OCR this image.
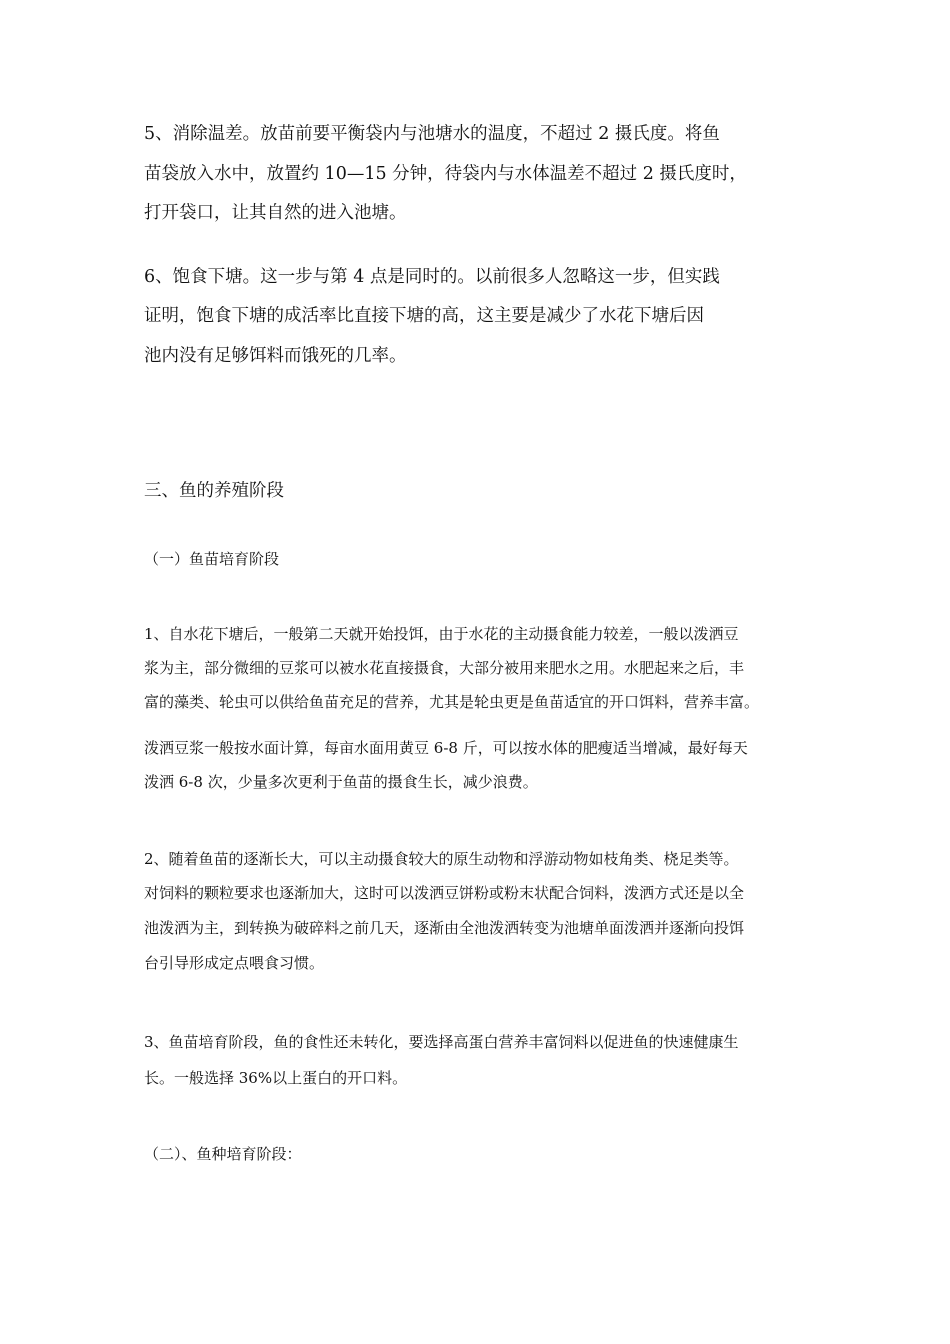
5、消除温差。放苗前要平衡袋内与池塘水的温度，不超过 2 摄氏度。将鱼

苗袋放入水中，放置约 10—15 分钟，待袋内与水体温差不超过 2 摄氏度时，

打开袋口，让其自然的进入池塘。

6、饱食下塘。这一步与第 4 点是同时的。以前很多人忽略这一步，但实践

证明，饱食下塘的成活率比直接下塘的高，这主要是减少了水花下塘后因

池内没有足够饵料而饿死的几率。

三、鱼的养殖阶段
（一）鱼苗培育阶段

1、自水花下塘后，一般第二天就开始投饵，由于水花的主动摄食能力较差，一般以泼洒豆

浆为主，部分微细的豆浆可以被水花直接摄食，大部分被用来肥水之用。水肥起来之后，丰

富的藻类、轮虫可以供给鱼苗充足的营养，尤其是轮虫更是鱼苗适宜的开口饵料，营养丰富。

泼洒豆浆一般按水面计算，每亩水面用黄豆 6-8 斤，可以按水体的肥瘦适当增减，最好每天

泼洒 6-8 次，少量多次更利于鱼苗的摄食生长，减少浪费。

2、随着鱼苗的逐渐长大，可以主动摄食较大的原生动物和浮游动物如枝角类、桡足类等。

对饲料的颗粒要求也逐渐加大，这时可以泼洒豆饼粉或粉末状配合饲料，泼洒方式还是以全

池泼洒为主，到转换为破碎料之前几天，逐渐由全池泼洒转变为池塘单面泼洒并逐渐向投饵

台引导形成定点喂食习惯。

3、鱼苗培育阶段，鱼的食性还未转化，要选择高蛋白营养丰富饲料以促进鱼的快速健康生

长。一般选择 36%以上蛋白的开口料。

（二）、鱼种培育阶段：
